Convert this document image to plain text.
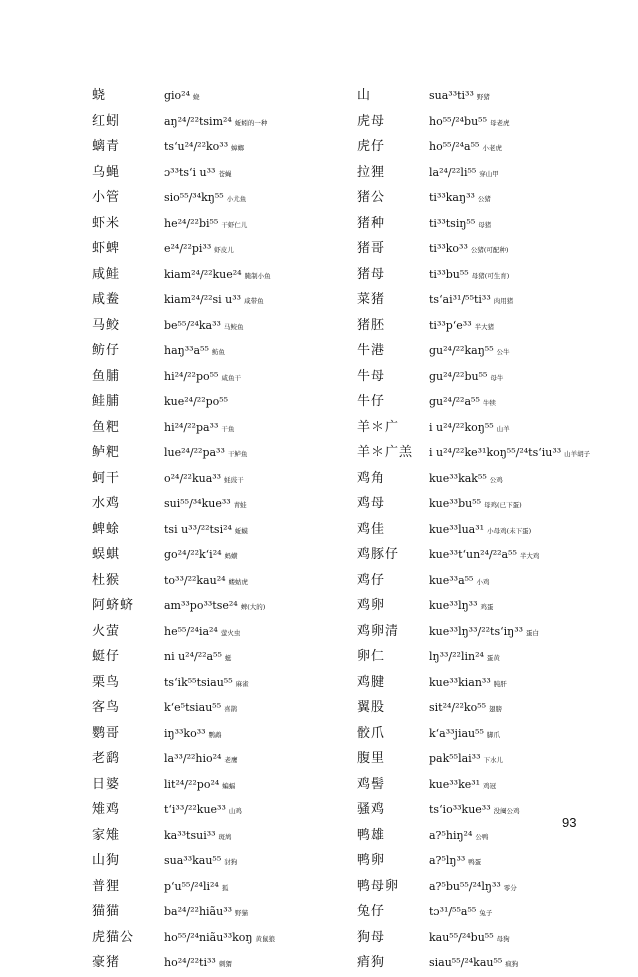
蛲	gio²⁴ 蛲
红蚓	aŋ²⁴/²²tsim²⁴ 蚯蚓的一种
螭青	tsʻu²⁴/²²ko³³ 蟑螂
乌蝇	ɔ³³tsʻi u³³ 苍蝇
小管	sio⁵⁵/³⁴kŋ⁵⁵ 小尤鱼
虾米	he²⁴/²²bi⁵⁵ 干虾仁儿
虾蜱	e²⁴/²²pi³³ 虾皮儿
咸鲑	kiam²⁴/²²kue²⁴ 腌制小鱼
咸鲞	kiam²⁴/²²si u³³ 咸带鱼
马鲛	be⁵⁵/²⁴ka³³ 马鲛鱼
鲂仔	haŋ³³a⁵⁵ 鲂鱼
鱼脯	hi²⁴/²²po⁵⁵ 咸鱼干
鲑脯	kue²⁴/²²po⁵⁵
鱼粑	hi²⁴/²²pa³³ 干鱼
鲈粑	lue²⁴/²²pa³³ 干鲈鱼
蚵干	o²⁴/²²kua³³ 蚝豉干
水鸡	sui⁵⁵/³⁴kue³³ 青蛙
蜱蜍	tsi u³³/²²tsi²⁴ 蚯蟆
蜈蜞	go²⁴/²²kʻi²⁴ 蚂蟥
杜猴	to³³/²²kau²⁴ 蝼蛄虎
阿蛴蛴	am³³po³³tse²⁴ 蜱(大的)
火萤	he⁵⁵/²⁴ia²⁴ 萤火虫
蜓仔	ni u²⁴/²²a⁵⁵ 蜓
栗鸟	tsʻik⁵⁵tsiau⁵⁵ 麻雀
客鸟	kʻe⁵tsiau⁵⁵ 喜鹊
鹦哥	iŋ³³ko³³ 鹦鹉
老鹞	la³³/²²hio²⁴ 老鹰
日婆	lit²⁴/²²po²⁴ 蝙蝠
雉鸡	tʻi³³/²²kue³³ 山鸡
家雉	ka³³tsui³³ 斑鸠
山狗	sua³³kau⁵⁵ 豺狗
普狸	pʻu⁵⁵/²⁴li²⁴ 狐
猫猫	ba²⁴/²²hiãu³³ 野猫
虎猫公	ho⁵⁵/²⁴niãu³³koŋ 黄鼠狼
豪猪	ho²⁴/²²ti³³ 刺猬
山	sua³³ti³³ 野猪
虎母	ho⁵⁵/²⁴bu⁵⁵ 母老虎
虎仔	ho⁵⁵/²⁴a⁵⁵ 小老虎
拉狸	la²⁴/²²li⁵⁵ 穿山甲
猪公	ti³³kaŋ³³ 公猪
猪种	ti³³tsiŋ⁵⁵ 母猪
猪哥	ti³³ko³³ 公猪(可配种)
猪母	ti³³bu⁵⁵ 母猪(可生育)
菜猪	tsʻai³¹/⁵⁵ti³³ 肉用猪
猪胚	ti³³pʻe³³ 半大猪
牛港	gu²⁴/²²kaŋ⁵⁵ 公牛
牛母	gu²⁴/²²bu⁵⁵ 母牛
牛仔	gu²⁴/²²a⁵⁵ 牛犊
羊＊广	i u²⁴/²²koŋ⁵⁵ 山羊
羊＊广羔	i u²⁴/²²ke³¹koŋ⁵⁵/²⁴tsʻiu³³ 山羊胡子
鸡角	kue³³kak⁵⁵ 公鸡
鸡母	kue³³bu⁵⁵ 母鸡(已下蛋)
鸡佳	kue³³lua³¹ 小母鸡(未下蛋)
鸡豚仔	kue³³tʻun²⁴/²²a⁵⁵ 半大鸡
鸡仔	kue³³a⁵⁵ 小鸡
鸡卵	kue³³lŋ³³ 鸡蛋
鸡卵清	kue³³lŋ³³/²²tsʻiŋ³³ 蛋白
卵仁	lŋ³³/²²lin²⁴ 蛋黄
鸡腱	kue³³kian³³ 肫肝
翼股	sit²⁴/²²ko⁵⁵ 翅膀
骹爪	kʻa³³jiau⁵⁵ 脚爪
腹里	pak⁵⁵lai³³ 下水儿
鸡髻	kue³³ke³¹ 鸡冠
骚鸡	tsʻio³³kue³³ 没阉公鸡
鸭雄	a?⁵hiŋ²⁴ 公鸭
鸭卵	a?⁵lŋ³³ 鸭蛋
鸭母卵	a?⁵bu⁵⁵/²⁴lŋ³³ 零分
兔仔	tɔ³¹/⁵⁵a⁵⁵ 兔子
狗母	kau⁵⁵/²⁴bu⁵⁵ 母狗
痟狗	siau⁵⁵/²⁴kau⁵⁵ 疯狗
93
